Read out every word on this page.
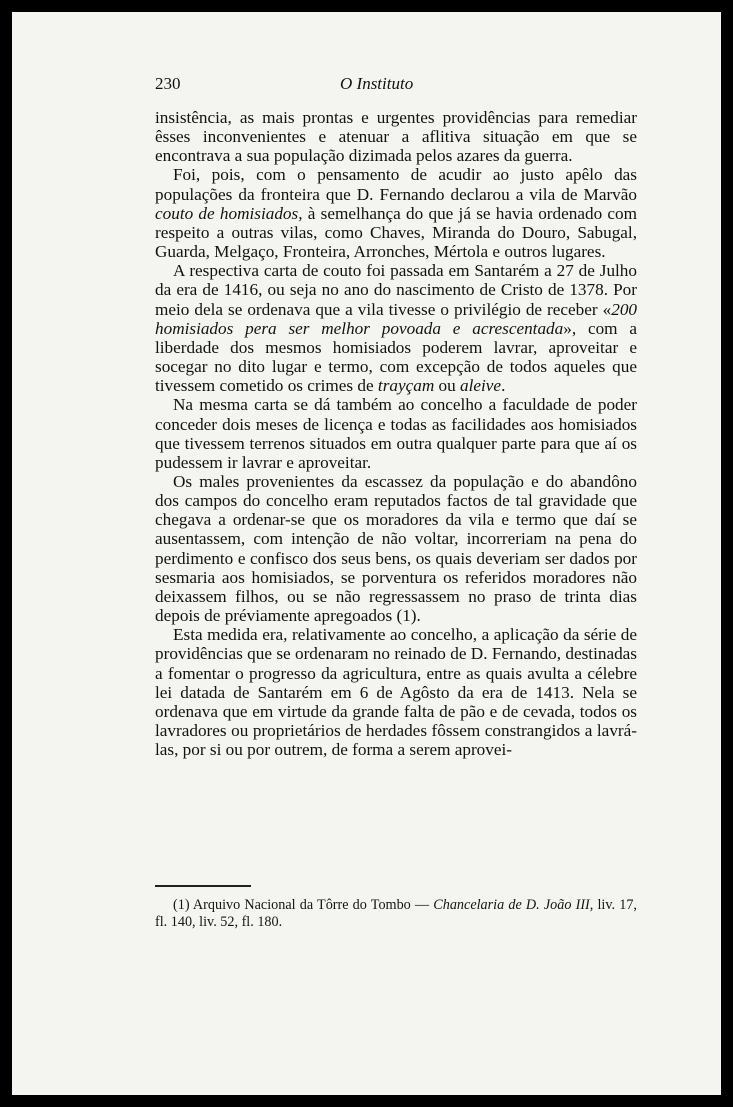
230	O Instituto

insistência, as mais prontas e urgentes providências para remediar êsses inconvenientes e atenuar a aflitiva situação em que se encontrava a sua população dizimada pelos azares da guerra.

Foi, pois, com o pensamento de acudir ao justo apêlo das populações da fronteira que D. Fernando declarou a vila de Marvão couto de homisiados, à semelhança do que já se havia ordenado com respeito a outras vilas, como Chaves, Miranda do Douro, Sabugal, Guarda, Melgaço, Fronteira, Arronches, Mértola e outros lugares.

A respectiva carta de couto foi passada em Santarém a 27 de Julho da era de 1416, ou seja no ano do nascimento de Cristo de 1378. Por meio dela se ordenava que a vila tivesse o privilégio de receber «200 homisiados pera ser melhor povoada e acrescentada», com a liberdade dos mesmos homisiados poderem lavrar, aproveitar e socegar no dito lugar e termo, com excepção de todos aqueles que tivessem cometido os crimes de trayçam ou aleive.

Na mesma carta se dá também ao concelho a faculdade de poder conceder dois meses de licença e todas as facilidades aos homisiados que tivessem terrenos situados em outra qualquer parte para que aí os pudessem ir lavrar e aproveitar.

Os males provenientes da escassez da população e do abandôno dos campos do concelho eram reputados factos de tal gravidade que chegava a ordenar-se que os moradores da vila e termo que daí se ausentassem, com intenção de não voltar, incorreriam na pena do perdimento e confisco dos seus bens, os quais deveriam ser dados por sesmaria aos homisiados, se porventura os referidos moradores não deixassem filhos, ou se não regressassem no praso de trinta dias depois de préviamente apregoados (1).

Esta medida era, relativamente ao concelho, a aplicação da série de providências que se ordenaram no reinado de D. Fernando, destinadas a fomentar o progresso da agricultura, entre as quais avulta a célebre lei datada de Santarém em 6 de Agôsto da era de 1413. Nela se ordenava que em virtude da grande falta de pão e de cevada, todos os lavradores ou proprietários de herdades fôssem constrangidos a lavrá-las, por si ou por outrem, de forma a serem aprovei-

(1) Arquivo Nacional da Tôrre do Tombo — Chancelaria de D. João III, liv. 17, fl. 140, liv. 52, fl. 180.
